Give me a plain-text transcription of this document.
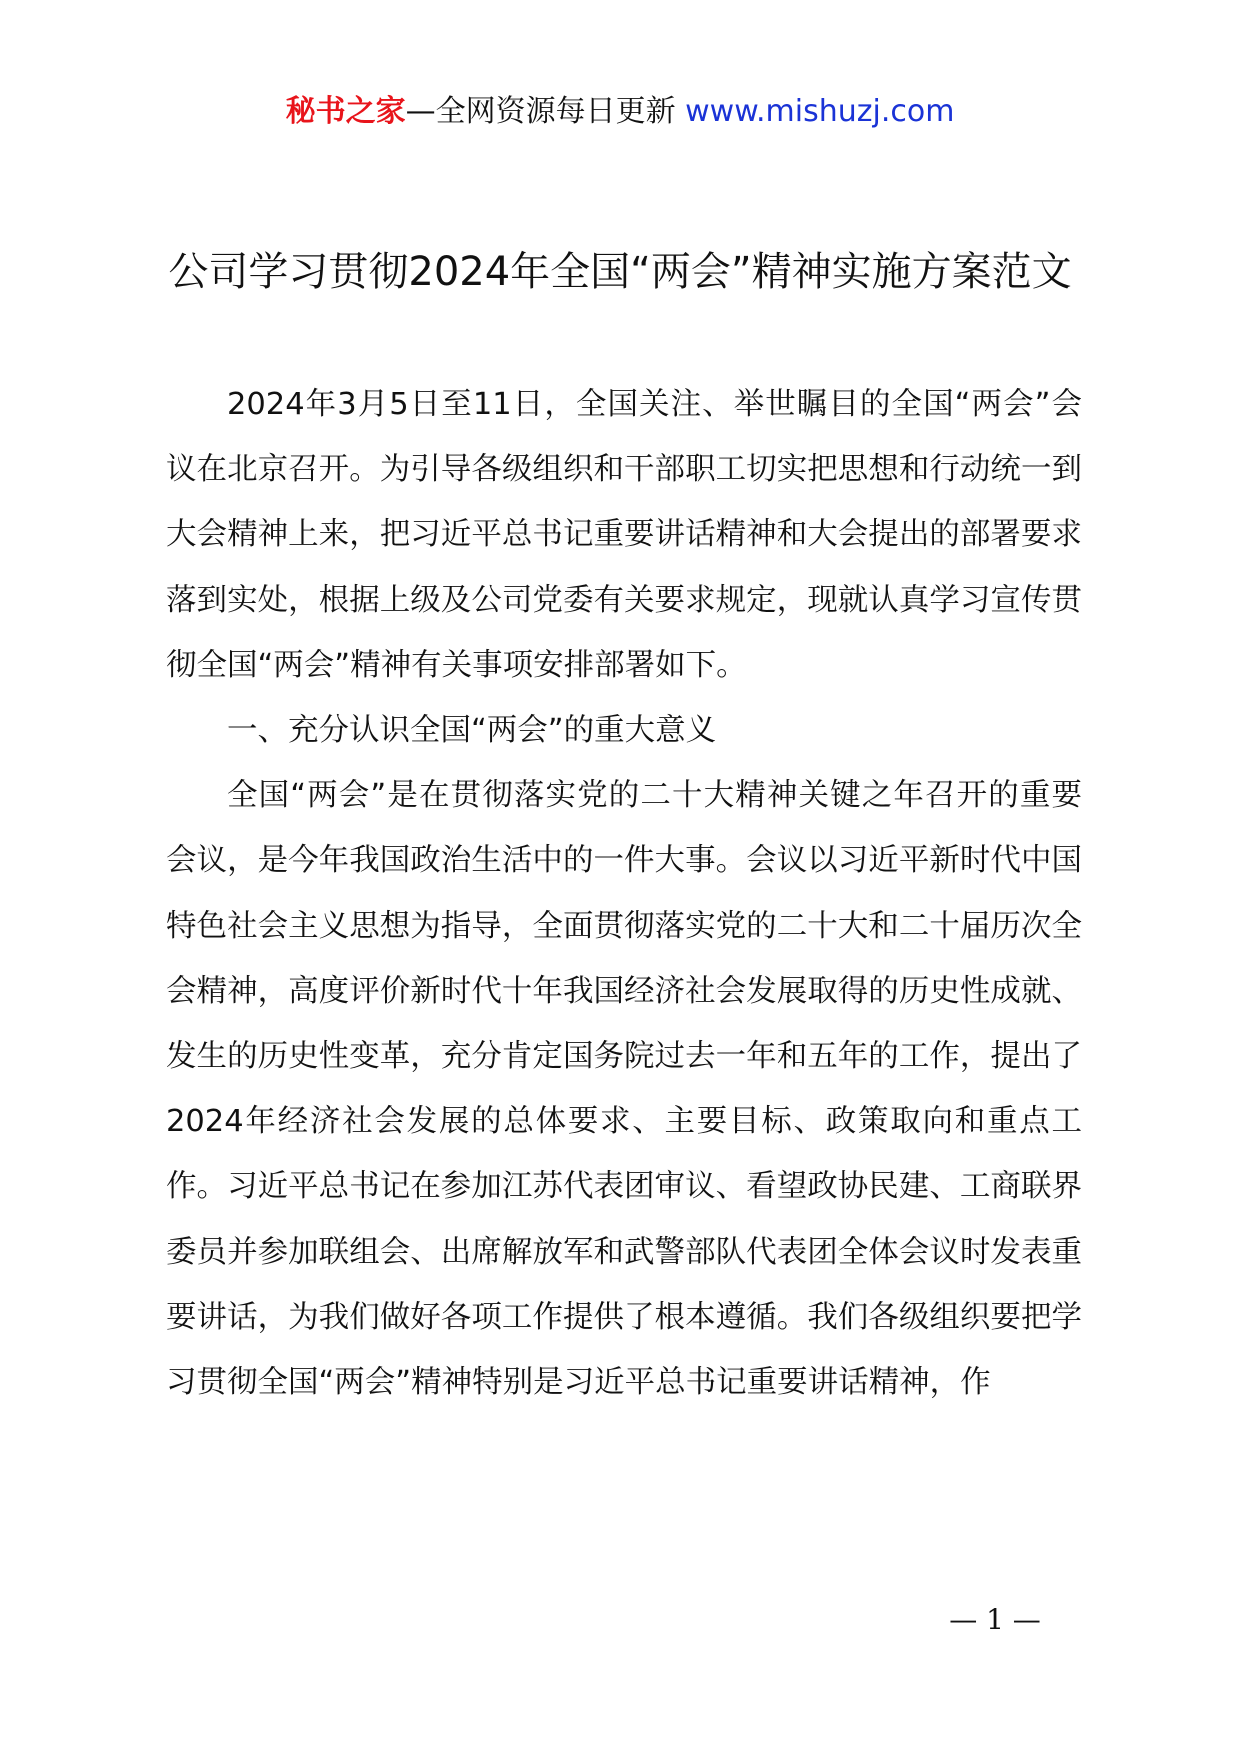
秘书之家—全网资源每日更新 www.mishuzj.com
公司学习贯彻2024年全国“两会”精神实施方案范文

2024年3月5日至11日，全国关注、举世瞩目的全国“两会”会议在北京召开。为引导各级组织和干部职工切实把思想和行动统一到大会精神上来，把习近平总书记重要讲话精神和大会提出的部署要求落到实处，根据上级及公司党委有关要求规定，现就认真学习宣传贯彻全国“两会”精神有关事项安排部署如下。

一、充分认识全国“两会”的重大意义

全国“两会”是在贯彻落实党的二十大精神关键之年召开的重要会议，是今年我国政治生活中的一件大事。会议以习近平新时代中国特色社会主义思想为指导，全面贯彻落实党的二十大和二十届历次全会精神，高度评价新时代十年我国经济社会发展取得的历史性成就、发生的历史性变革，充分肯定国务院过去一年和五年的工作，提出了2024年经济社会发展的总体要求、主要目标、政策取向和重点工作。习近平总书记在参加江苏代表团审议、看望政协民建、工商联界委员并参加联组会、出席解放军和武警部队代表团全体会议时发表重要讲话，为我们做好各项工作提供了根本遵循。我们各级组织要把学习贯彻全国“两会”精神特别是习近平总书记重要讲话精神，作

— 1 —
